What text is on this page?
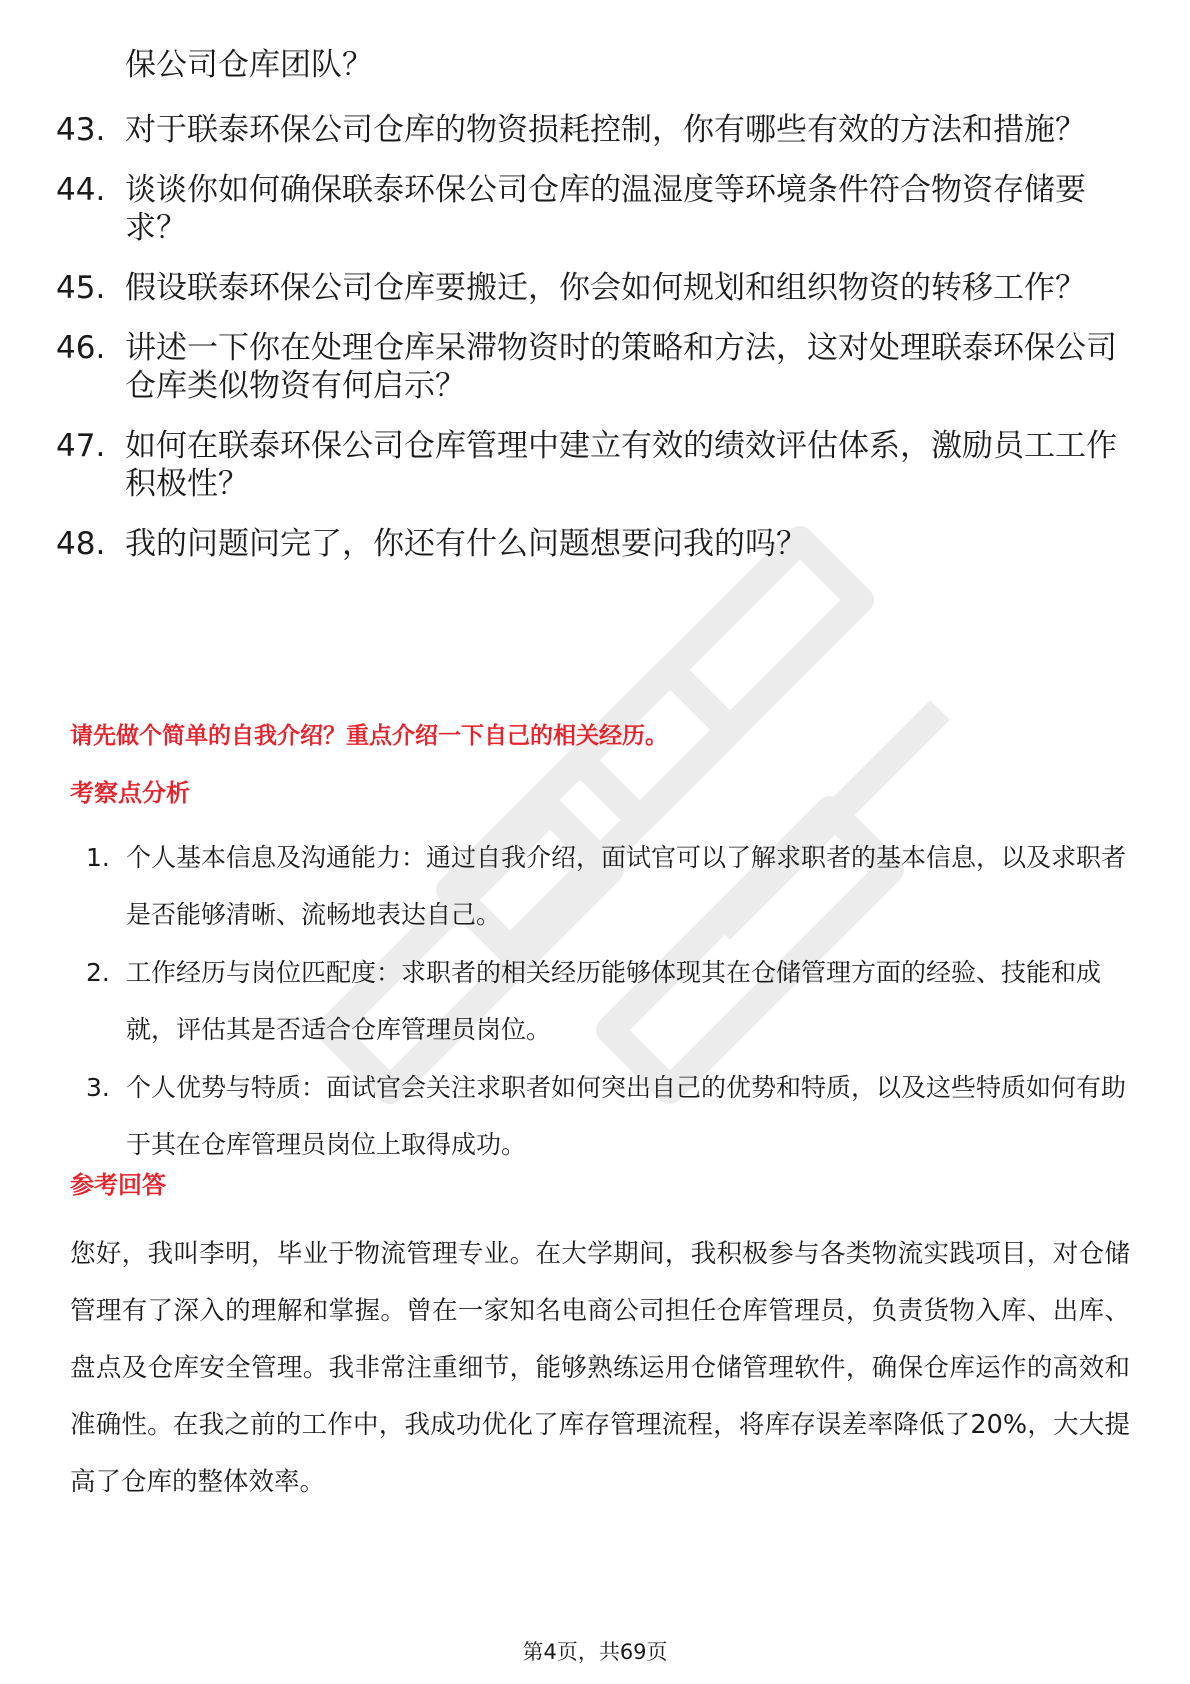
保公司仓库团队？
43. 对于联泰环保公司仓库的物资损耗控制，你有哪些有效的方法和措施？
44. 谈谈你如何确保联泰环保公司仓库的温湿度等环境条件符合物资存储要求？
45. 假设联泰环保公司仓库要搬迁，你会如何规划和组织物资的转移工作？
46. 讲述一下你在处理仓库呆滞物资时的策略和方法，这对处理联泰环保公司仓库类似物资有何启示？
47. 如何在联泰环保公司仓库管理中建立有效的绩效评估体系，激励员工工作积极性？
48. 我的问题问完了，你还有什么问题想要问我的吗？
请先做个简单的自我介绍？重点介绍一下自己的相关经历。
考察点分析
1. 个人基本信息及沟通能力：通过自我介绍，面试官可以了解求职者的基本信息，以及求职者是否能够清晰、流畅地表达自己。
2. 工作经历与岗位匹配度：求职者的相关经历能够体现其在仓储管理方面的经验、技能和成就，评估其是否适合仓库管理员岗位。
3. 个人优势与特质：面试官会关注求职者如何突出自己的优势和特质，以及这些特质如何有助于其在仓库管理员岗位上取得成功。
参考回答
您好，我叫李明，毕业于物流管理专业。在大学期间，我积极参与各类物流实践项目，对仓储管理有了深入的理解和掌握。曾在一家知名电商公司担任仓库管理员，负责货物入库、出库、盘点及仓库安全管理。我非常注重细节，能够熟练运用仓储管理软件，确保仓库运作的高效和准确性。在我之前的工作中，我成功优化了库存管理流程，将库存误差率降低了20%，大大提高了仓库的整体效率。
第4页，共69页
